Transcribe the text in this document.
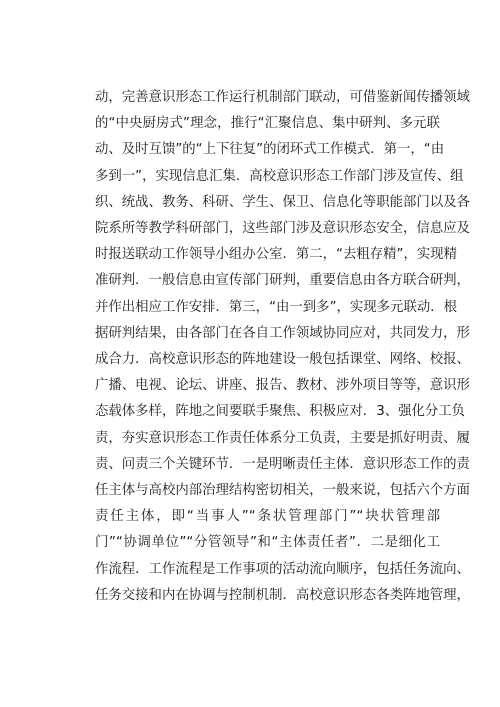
动，完善意识形态工作运行机制部门联动，可借鉴新闻传播领域
的“中央厨房式”理念，推行“汇聚信息、集中研判、多元联
动、及时互馈”的“上下往复”的闭环式工作模式．第一，“由
多到一”，实现信息汇集．高校意识形态工作部门涉及宣传、组
织、统战、教务、科研、学生、保卫、信息化等职能部门以及各
院系所等教学科研部门，这些部门涉及意识形态安全，信息应及
时报送联动工作领导小组办公室．第二，“去粗存精”，实现精
准研判．一般信息由宣传部门研判，重要信息由各方联合研判，
并作出相应工作安排．第三，“由一到多”，实现多元联动．根
据研判结果，由各部门在各自工作领域协同应对，共同发力，形
成合力．高校意识形态的阵地建设一般包括课堂、网络、校报、
广播、电视、论坛、讲座、报告、教材、涉外项目等等，意识形
态载体多样，阵地之间要联手聚焦、积极应对．3、强化分工负
责，夯实意识形态工作责任体系分工负责，主要是抓好明责、履
责、问责三个关键环节．一是明晰责任主体．意识形态工作的责
任主体与高校内部治理结构密切相关，一般来说，包括六个方面
责任主体，即“当事人”“条状管理部门”“块状管理部
门”“协调单位”“分管领导”和“主体责任者”．二是细化工
作流程．工作流程是工作事项的活动流向顺序，包括任务流向、
任务交接和内在协调与控制机制．高校意识形态各类阵地管理，
